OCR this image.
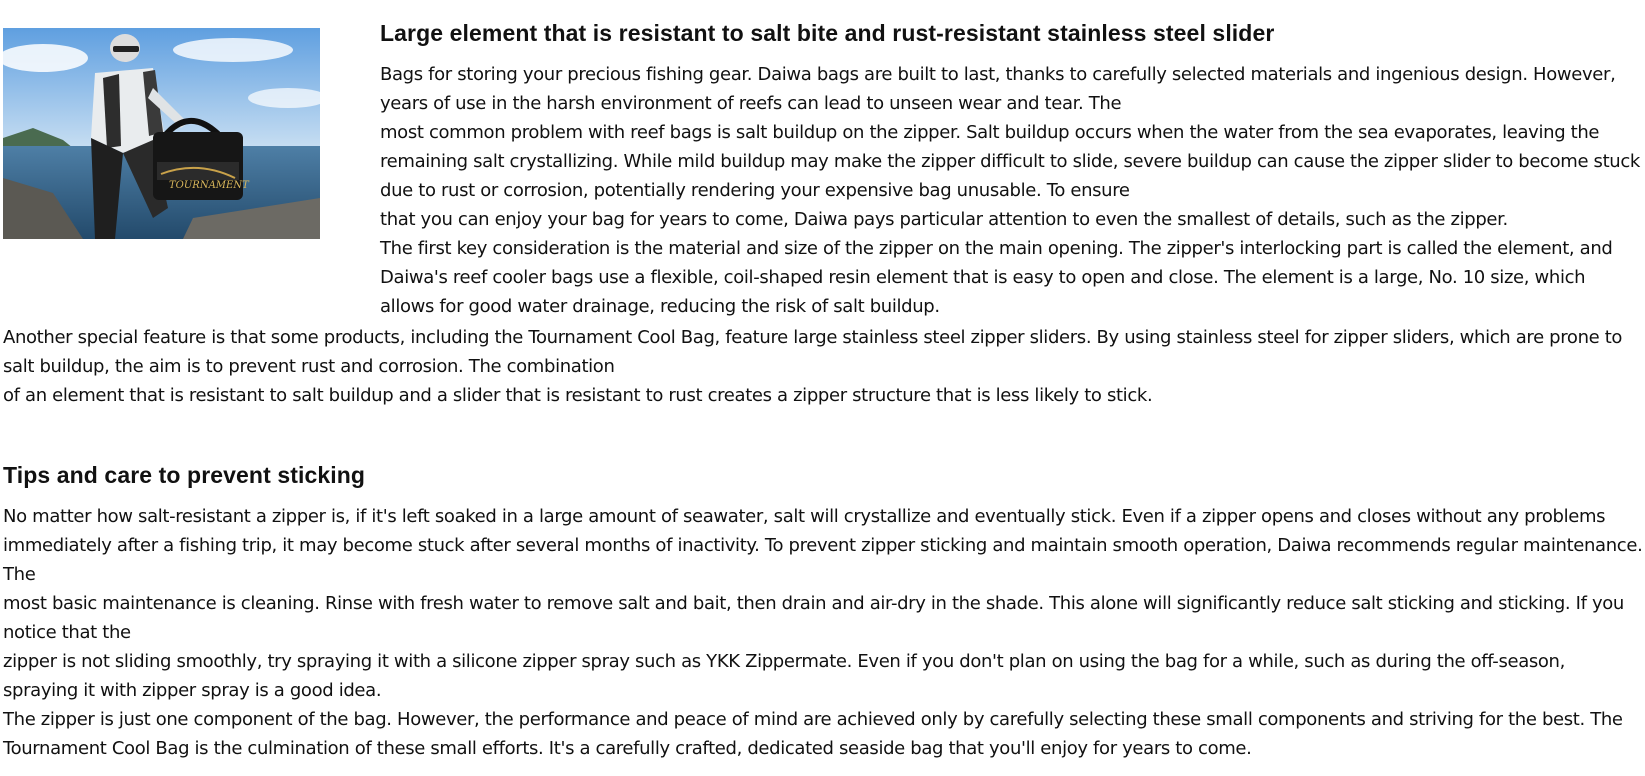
TOURNAMENT
Large element that is resistant to salt bite and rust-resistant stainless steel slider

Bags for storing your precious fishing gear. Daiwa bags are built to last, thanks to carefully selected materials and ingenious design. However, years of use in the harsh environment of reefs can lead to unseen wear and tear. The

most common problem with reef bags is salt buildup on the zipper. Salt buildup occurs when the water from the sea evaporates, leaving the remaining salt crystallizing. While mild buildup may make the zipper difficult to slide, severe buildup can cause the zipper slider to become stuck due to rust or corrosion, potentially rendering your expensive bag unusable. To ensure

that you can enjoy your bag for years to come, Daiwa pays particular attention to even the smallest of details, such as the zipper.

The first key consideration is the material and size of the zipper on the main opening. The zipper's interlocking part is called the element, and Daiwa's reef cooler bags use a flexible, coil-shaped resin element that is easy to open and close. The element is a large, No. 10 size, which allows for good water drainage, reducing the risk of salt buildup.

Another special feature is that some products, including the Tournament Cool Bag, feature large stainless steel zipper sliders. By using stainless steel for zipper sliders, which are prone to salt buildup, the aim is to prevent rust and corrosion. The combination

of an element that is resistant to salt buildup and a slider that is resistant to rust creates a zipper structure that is less likely to stick.

Tips and care to prevent sticking

No matter how salt-resistant a zipper is, if it's left soaked in a large amount of seawater, salt will crystallize and eventually stick. Even if a zipper opens and closes without any problems immediately after a fishing trip, it may become stuck after several months of inactivity. To prevent zipper sticking and maintain smooth operation, Daiwa recommends regular maintenance. The

most basic maintenance is cleaning. Rinse with fresh water to remove salt and bait, then drain and air-dry in the shade. This alone will significantly reduce salt sticking and sticking. If you notice that the

zipper is not sliding smoothly, try spraying it with a silicone zipper spray such as YKK Zippermate. Even if you don't plan on using the bag for a while, such as during the off-season, spraying it with zipper spray is a good idea.

The zipper is just one component of the bag. However, the performance and peace of mind are achieved only by carefully selecting these small components and striving for the best. The Tournament Cool Bag is the culmination of these small efforts. It's a carefully crafted, dedicated seaside bag that you'll enjoy for years to come.
